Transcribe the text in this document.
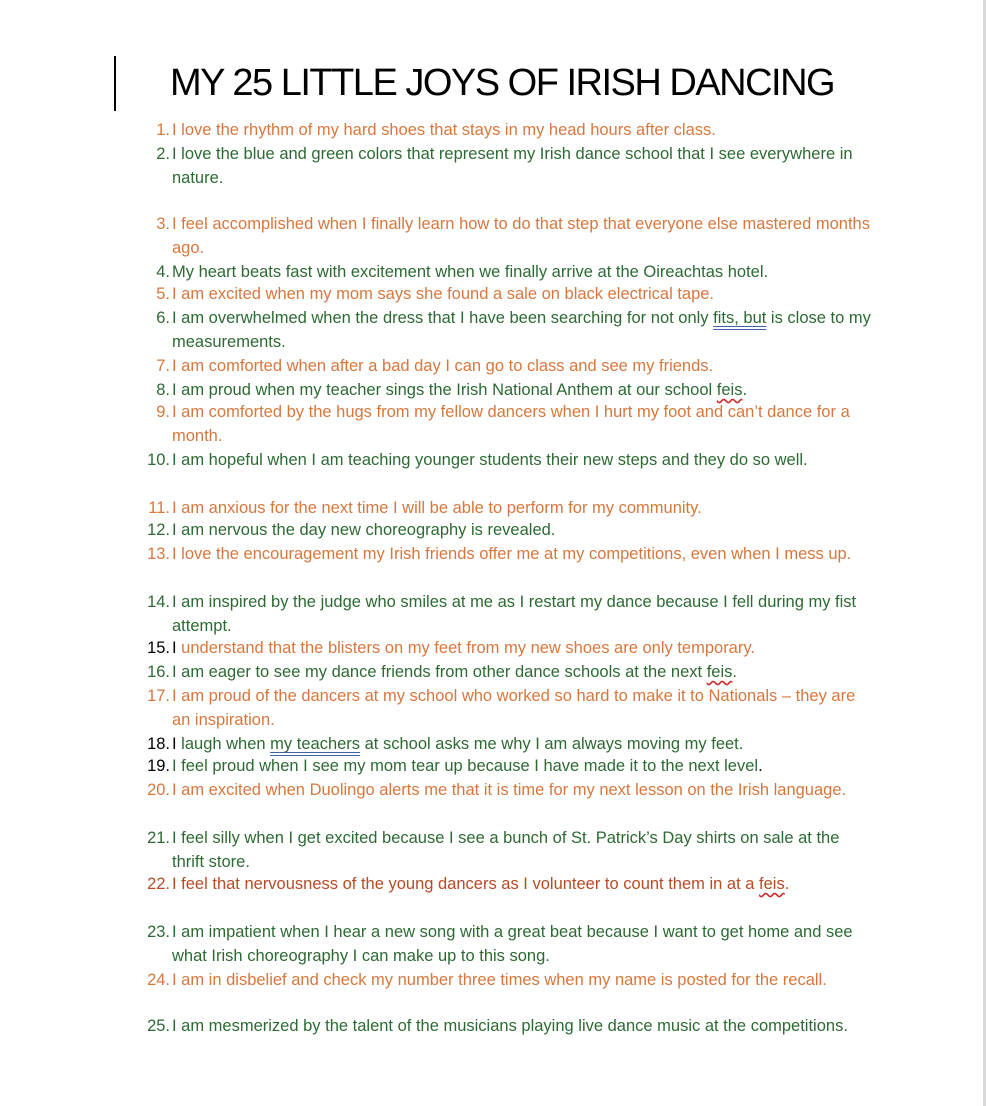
MY 25 LITTLE JOYS OF IRISH DANCING
1. I love the rhythm of my hard shoes that stays in my head hours after class.
2. I love the blue and green colors that represent my Irish dance school that I see everywhere in nature.
3. I feel accomplished when I finally learn how to do that step that everyone else mastered months ago.
4. My heart beats fast with excitement when we finally arrive at the Oireachtas hotel.
5. I am excited when my mom says she found a sale on black electrical tape.
6. I am overwhelmed when the dress that I have been searching for not only fits, but is close to my measurements.
7. I am comforted when after a bad day I can go to class and see my friends.
8. I am proud when my teacher sings the Irish National Anthem at our school feis.
9. I am comforted by the hugs from my fellow dancers when I hurt my foot and can’t dance for a month.
10. I am hopeful when I am teaching younger students their new steps and they do so well.
11. I am anxious for the next time I will be able to perform for my community.
12. I am nervous the day new choreography is revealed.
13. I love the encouragement my Irish friends offer me at my competitions, even when I mess up.
14. I am inspired by the judge who smiles at me as I restart my dance because I fell during my fist attempt.
15. I understand that the blisters on my feet from my new shoes are only temporary.
16. I am eager to see my dance friends from other dance schools at the next feis.
17. I am proud of the dancers at my school who worked so hard to make it to Nationals – they are an inspiration.
18. I laugh when my teachers at school asks me why I am always moving my feet.
19. I feel proud when I see my mom tear up because I have made it to the next level.
20. I am excited when Duolingo alerts me that it is time for my next lesson on the Irish language.
21. I feel silly when I get excited because I see a bunch of St. Patrick’s Day shirts on sale at the thrift store.
22. I feel that nervousness of the young dancers as I volunteer to count them in at a feis.
23. I am impatient when I hear a new song with a great beat because I want to get home and see what Irish choreography I can make up to this song.
24. I am in disbelief and check my number three times when my name is posted for the recall.
25. I am mesmerized by the talent of the musicians playing live dance music at the competitions.
